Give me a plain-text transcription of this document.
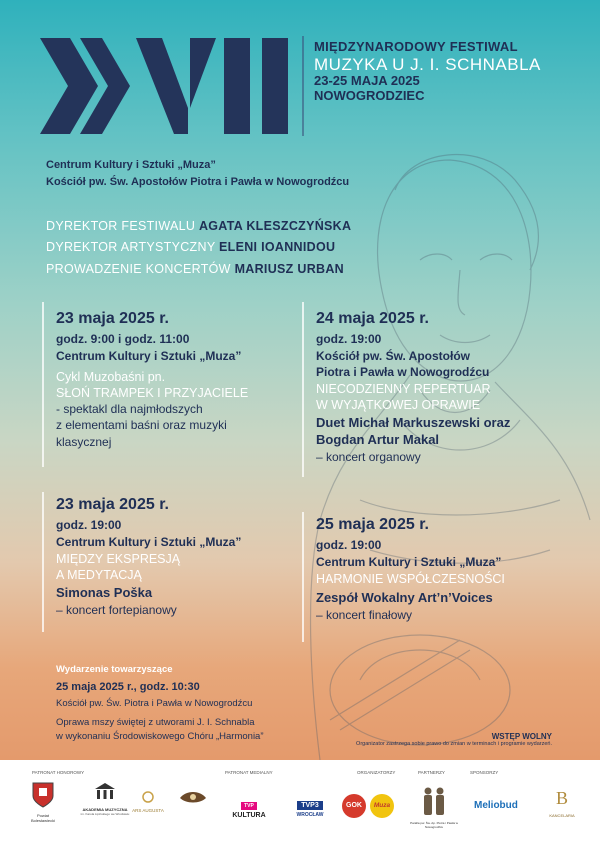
MIĘDZYNARODOWY FESTIWAL
MUZYKA U J. I. SCHNABLA
23-25 MAJA 2025
NOWOGRODZIEC
Centrum Kultury i Sztuki „Muza”
Kościół pw. Św. Apostołów Piotra i Pawła w Nowogrodźcu
DYREKTOR FESTIWALU AGATA KLESZCZYŃSKA
DYREKTOR ARTYSTYCZNY ELENI IOANNIDOU
PROWADZENIE KONCERTÓW MARIUSZ URBAN
23 maja 2025 r.
godz. 9:00 i godz. 11:00
Centrum Kultury i Sztuki „Muza”
Cykl Muzobaśni pn.
SŁOŃ TRAMPEK I PRZYJACIELE
- spektakl dla najmłodszych
z elementami baśni oraz muzyki
klasycznej
24 maja 2025 r.
godz. 19:00
Kościół pw. Św. Apostołów
Piotra i Pawła w Nowogrodźcu
NIECODZIENNY REPERTUAR
W WYJĄTKOWEJ OPRAWIE
Duet Michał Markuszewski oraz
Bogdan Artur Makal
– koncert organowy
23 maja 2025 r.
godz. 19:00
Centrum Kultury i Sztuki „Muza”
MIĘDZY EKSPRESJĄ
A MEDYTACJĄ
Simonas Poška
– koncert fortepianowy
25 maja 2025 r.
godz. 19:00
Centrum Kultury i Sztuki „Muza”
HARMONIE WSPÓŁCZESNOŚCI
Zespół Wokalny Art’n’Voices
– koncert finałowy
Wydarzenie towarzyszące
25 maja 2025 r., godz. 10:30
Kościół pw. Św. Piotra i Pawła w Nowogrodźcu
Oprawa mszy świętej z utworami J. I. Schnabla
w wykonaniu Środowiskowego Chóru „Harmonia”	WSTĘP WOLNY
Organizator zastrzega sobie prawo do zmian w terminach i programie wydarzeń.
PATRONAT HONOROWY	PATRONAT MEDIALNY	ORGANIZATORZY	PARTNERZY	SPONSORZY
Powiat Bolesławiecki
AKADEMIA MUZYCZNA
im. Karola Lipińskiego we Wrocławiu
ARS AUGUSTA
TVP
KULTURA
TVP3
WROCŁAW
GOK	Muza
Parafia pw. Św. Ap. Piotra i Pawła w Nowogrodźcu
Meliobud	B
KANCELARIA
